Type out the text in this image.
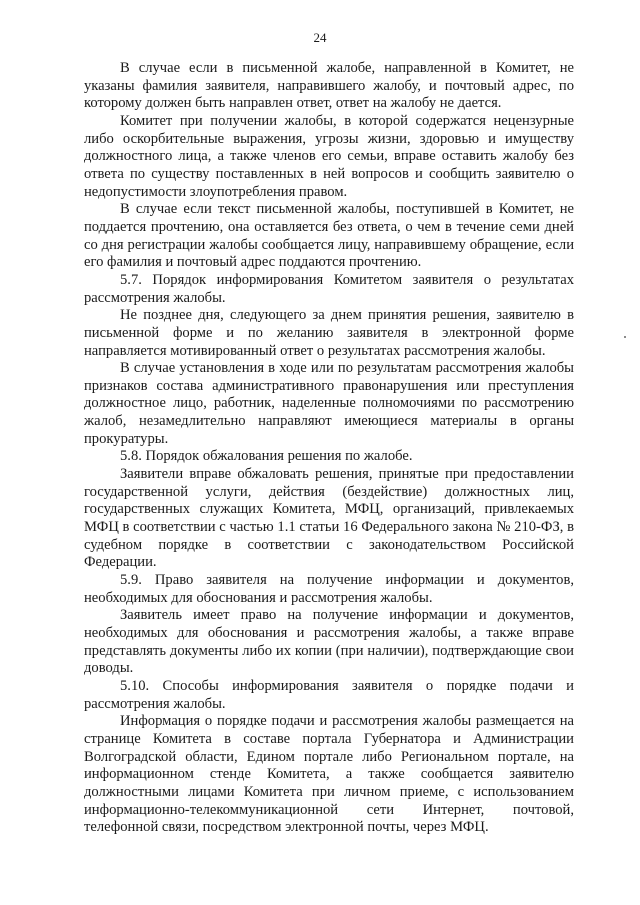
24

В случае если в письменной жалобе, направленной в Комитет, не указаны фамилия заявителя, направившего жалобу, и почтовый адрес, по которому должен быть направлен ответ, ответ на жалобу не дается.

Комитет при получении жалобы, в которой содержатся нецензурные либо оскорбительные выражения, угрозы жизни, здоровью и имуществу должностного лица, а также членов его семьи, вправе оставить жалобу без ответа по существу поставленных в ней вопросов и сообщить заявителю о недопустимости злоупотребления правом.

В случае если текст письменной жалобы, поступившей в Комитет, не поддается прочтению, она оставляется без ответа, о чем в течение семи дней со дня регистрации жалобы сообщается лицу, направившему обращение, если его фамилия и почтовый адрес поддаются прочтению.

5.7. Порядок информирования Комитетом заявителя о результатах рассмотрения жалобы.

Не позднее дня, следующего за днем принятия решения, заявителю в письменной форме и по желанию заявителя в электронной форме направляется мотивированный ответ о результатах рассмотрения жалобы.

В случае установления в ходе или по результатам рассмотрения жалобы признаков состава административного правонарушения или преступления должностное лицо, работник, наделенные полномочиями по рассмотрению жалоб, незамедлительно направляют имеющиеся материалы в органы прокуратуры.

5.8. Порядок обжалования решения по жалобе.

Заявители вправе обжаловать решения, принятые при предоставлении государственной услуги, действия (бездействие) должностных лиц, государственных служащих Комитета, МФЦ, организаций, привлекаемых МФЦ в соответствии с частью 1.1 статьи 16 Федерального закона № 210-ФЗ, в судебном порядке в соответствии с законодательством Российской Федерации.

5.9. Право заявителя на получение информации и документов, необходимых для обоснования и рассмотрения жалобы.

Заявитель имеет право на получение информации и документов, необходимых для обоснования и рассмотрения жалобы, а также вправе представлять документы либо их копии (при наличии), подтверждающие свои доводы.

5.10. Способы информирования заявителя о порядке подачи и рассмотрения жалобы.

Информация о порядке подачи и рассмотрения жалобы размещается на странице Комитета в составе портала Губернатора и Администрации Волгоградской области, Едином портале либо Региональном портале, на информационном стенде Комитета, а также сообщается заявителю должностными лицами Комитета при личном приеме, с использованием информационно-телекоммуникационной сети Интернет, почтовой, телефонной связи, посредством электронной почты, через МФЦ.
